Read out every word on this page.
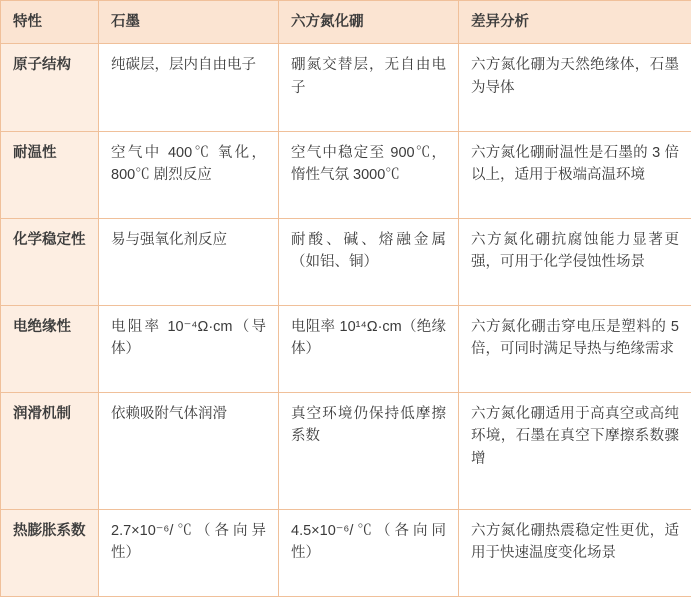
特性	石墨	六方氮化硼	差异分析
原子结构	纯碳层，层内自由电子	硼氮交替层，无自由电子	六方氮化硼为天然绝缘体，石墨为导体
耐温性	空气中 400℃ 氧化，800℃ 剧烈反应	空气中稳定至 900℃，惰性气氛 3000℃	六方氮化硼耐温性是石墨的 3 倍以上，适用于极端高温环境
化学稳定性	易与强氧化剂反应	耐酸、碱、熔融金属（如铝、铜）	六方氮化硼抗腐蚀能力显著更强，可用于化学侵蚀性场景
电绝缘性	电阻率 10⁻⁴Ω·cm（导体）	电阻率 10¹⁴Ω·cm（绝缘体）	六方氮化硼击穿电压是塑料的 5 倍，可同时满足导热与绝缘需求
润滑机制	依赖吸附气体润滑	真空环境仍保持低摩擦系数	六方氮化硼适用于高真空或高纯环境，石墨在真空下摩擦系数骤增
热膨胀系数	2.7×10⁻⁶/℃（各向异性）	4.5×10⁻⁶/℃（各向同性）	六方氮化硼热震稳定性更优，适用于快速温度变化场景
